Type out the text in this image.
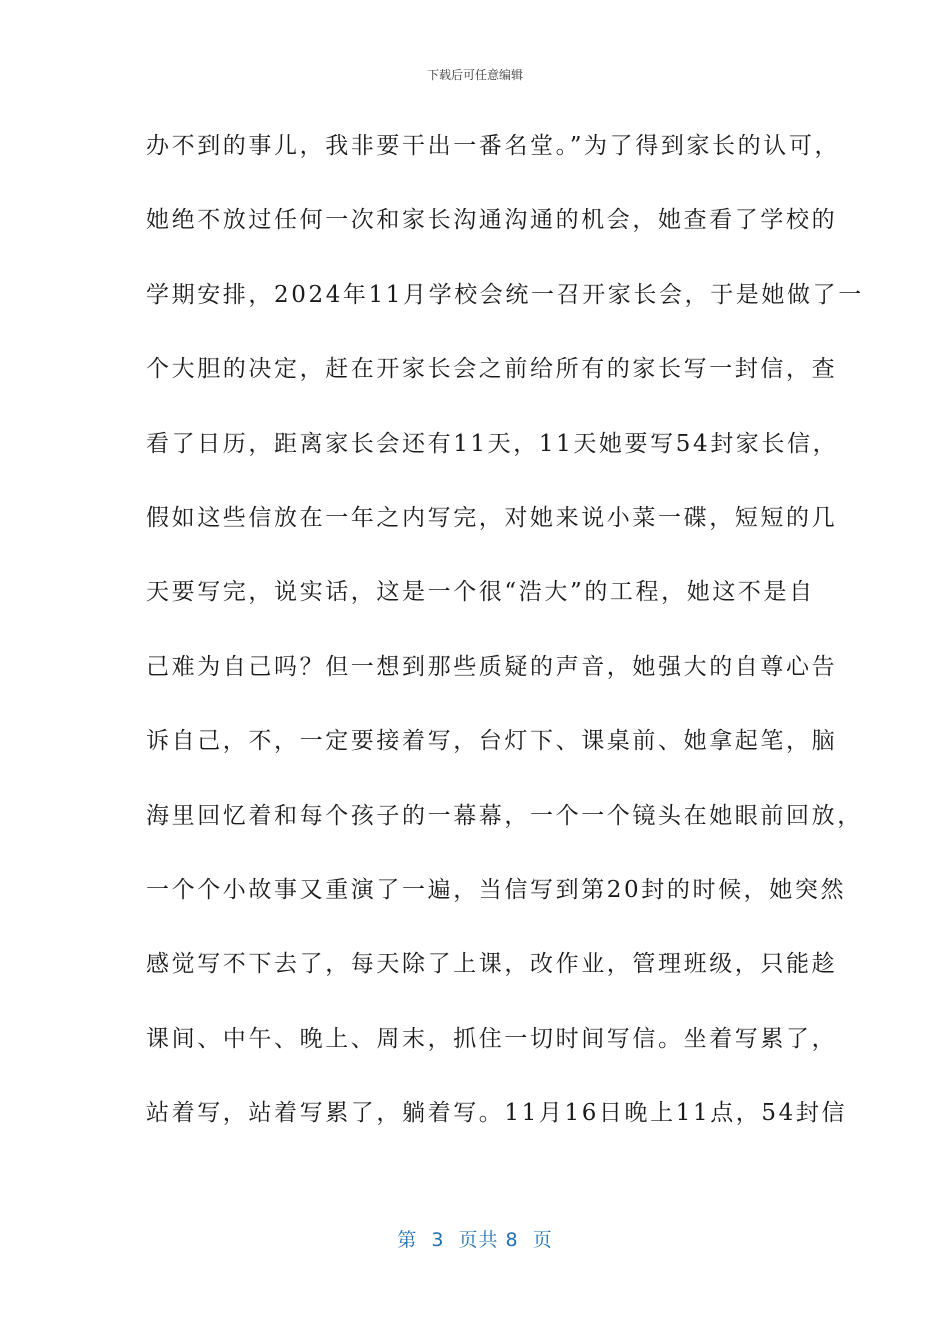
下载后可任意编辑
办不到的事儿，我非要干出一番名堂。”为了得到家长的认可，
她绝不放过任何一次和家长沟通沟通的机会，她查看了学校的
学期安排，2024年11月学校会统一召开家长会，于是她做了一
个大胆的决定，赶在开家长会之前给所有的家长写一封信，查
看了日历，距离家长会还有11天，11天她要写54封家长信，
假如这些信放在一年之内写完，对她来说小菜一碟，短短的几
天要写完，说实话，这是一个很“浩大”的工程，她这不是自
己难为自己吗？但一想到那些质疑的声音，她强大的自尊心告
诉自己，不，一定要接着写，台灯下、课桌前、她拿起笔，脑
海里回忆着和每个孩子的一幕幕，一个一个镜头在她眼前回放，
一个个小故事又重演了一遍，当信写到第20封的时候，她突然
感觉写不下去了，每天除了上课，改作业，管理班级，只能趁
课间、中午、晚上、周末，抓住一切时间写信。坐着写累了，
站着写，站着写累了，躺着写。11月16日晚上11点，54封信
第  3  页共 8  页
